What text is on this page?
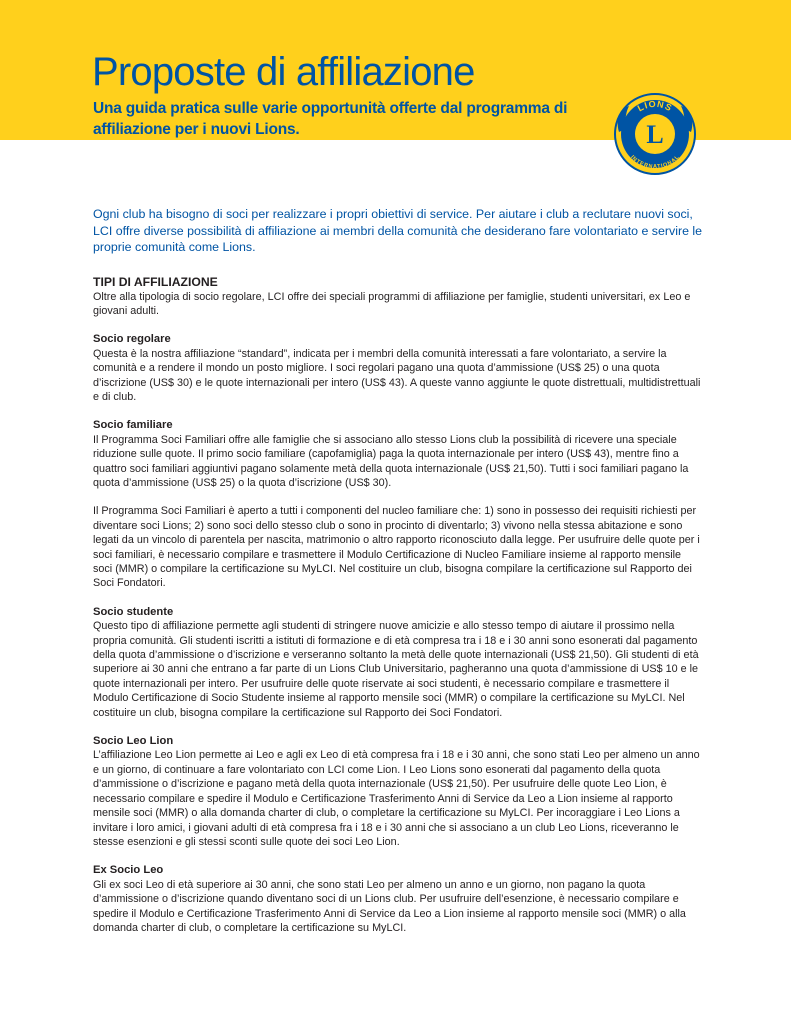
Proposte di affiliazione
Una guida pratica sulle varie opportunità offerte dal programma di affiliazione per i nuovi Lions.
LIONS
INTERNATIONAL
L

Ogni club ha bisogno di soci per realizzare i propri obiettivi di service. Per aiutare i club a reclutare nuovi soci, LCI offre diverse possibilità di affiliazione ai membri della comunità che desiderano fare volontariato e servire le proprie comunità come Lions.

TIPI DI AFFILIAZIONE

Oltre alla tipologia di socio regolare, LCI offre dei speciali programmi di affiliazione per famiglie, studenti universitari, ex Leo e giovani adulti.

Socio regolare

Questa è la nostra affiliazione “standard”, indicata per i membri della comunità interessati a fare volontariato, a servire la comunità e a rendere il mondo un posto migliore. I soci regolari pagano una quota d’ammissione (US$ 25) o una quota d’iscrizione (US$ 30) e le quote internazionali per intero (US$ 43). A queste vanno aggiunte le quote distrettuali, multidistrettuali e di club.

Socio familiare

Il Programma Soci Familiari offre alle famiglie che si associano allo stesso Lions club la possibilità di ricevere una speciale riduzione sulle quote. Il primo socio familiare (capofamiglia) paga la quota internazionale per intero (US$ 43), mentre fino a quattro soci familiari aggiuntivi pagano solamente metà della quota internazionale (US$ 21,50). Tutti i soci familiari pagano la quota d’ammissione (US$ 25) o la quota d’iscrizione (US$ 30).

Il Programma Soci Familiari è aperto a tutti i componenti del nucleo familiare che: 1) sono in possesso dei requisiti richiesti per diventare soci Lions; 2) sono soci dello stesso club o sono in procinto di diventarlo; 3) vivono nella stessa abitazione e sono legati da un vincolo di parentela per nascita, matrimonio o altro rapporto riconosciuto dalla legge. Per usufruire delle quote per i soci familiari, è necessario compilare e trasmettere il Modulo Certificazione di Nucleo Familiare insieme al rapporto mensile soci (MMR) o compilare la certificazione su MyLCI. Nel costituire un club, bisogna compilare la certificazione sul Rapporto dei Soci Fondatori.

Socio studente

Questo tipo di affiliazione permette agli studenti di stringere nuove amicizie e allo stesso tempo di aiutare il prossimo nella propria comunità. Gli studenti iscritti a istituti di formazione e di età compresa tra i 18 e i 30 anni sono esonerati dal pagamento della quota d’ammissione o d’iscrizione e verseranno soltanto la metà delle quote internazionali (US$ 21,50). Gli studenti di età superiore ai 30 anni che entrano a far parte di un Lions Club Universitario, pagheranno una quota d’ammissione di US$ 10 e le quote internazionali per intero. Per usufruire delle quote riservate ai soci studenti, è necessario compilare e trasmettere il Modulo Certificazione di Socio Studente insieme al rapporto mensile soci (MMR) o compilare la certificazione su MyLCI. Nel costituire un club, bisogna compilare la certificazione sul Rapporto dei Soci Fondatori.

Socio Leo Lion

L’affiliazione Leo Lion permette ai Leo e agli ex Leo di età compresa fra i 18 e i 30 anni, che sono stati Leo per almeno un anno e un giorno, di continuare a fare volontariato con LCI come Lion. I Leo Lions sono esonerati dal pagamento della quota d’ammissione o d’iscrizione e pagano metà della quota internazionale (US$ 21,50). Per usufruire delle quote Leo Lion, è necessario compilare e spedire il Modulo e Certificazione Trasferimento Anni di Service da Leo a Lion insieme al rapporto mensile soci (MMR) o alla domanda charter di club, o completare la certificazione su MyLCI. Per incoraggiare i Leo Lions a invitare i loro amici, i giovani adulti di età compresa fra i 18 e i 30 anni che si associano a un club Leo Lions, riceveranno le stesse esenzioni e gli stessi sconti sulle quote dei soci Leo Lion.

Ex Socio Leo

Gli ex soci Leo di età superiore ai 30 anni, che sono stati Leo per almeno un anno e un giorno, non pagano la quota d’ammissione o d’iscrizione quando diventano soci di un Lions club. Per usufruire dell’esenzione, è necessario compilare e spedire il Modulo e Certificazione Trasferimento Anni di Service da Leo a Lion insieme al rapporto mensile soci (MMR) o alla domanda charter di club, o completare la certificazione su MyLCI.
